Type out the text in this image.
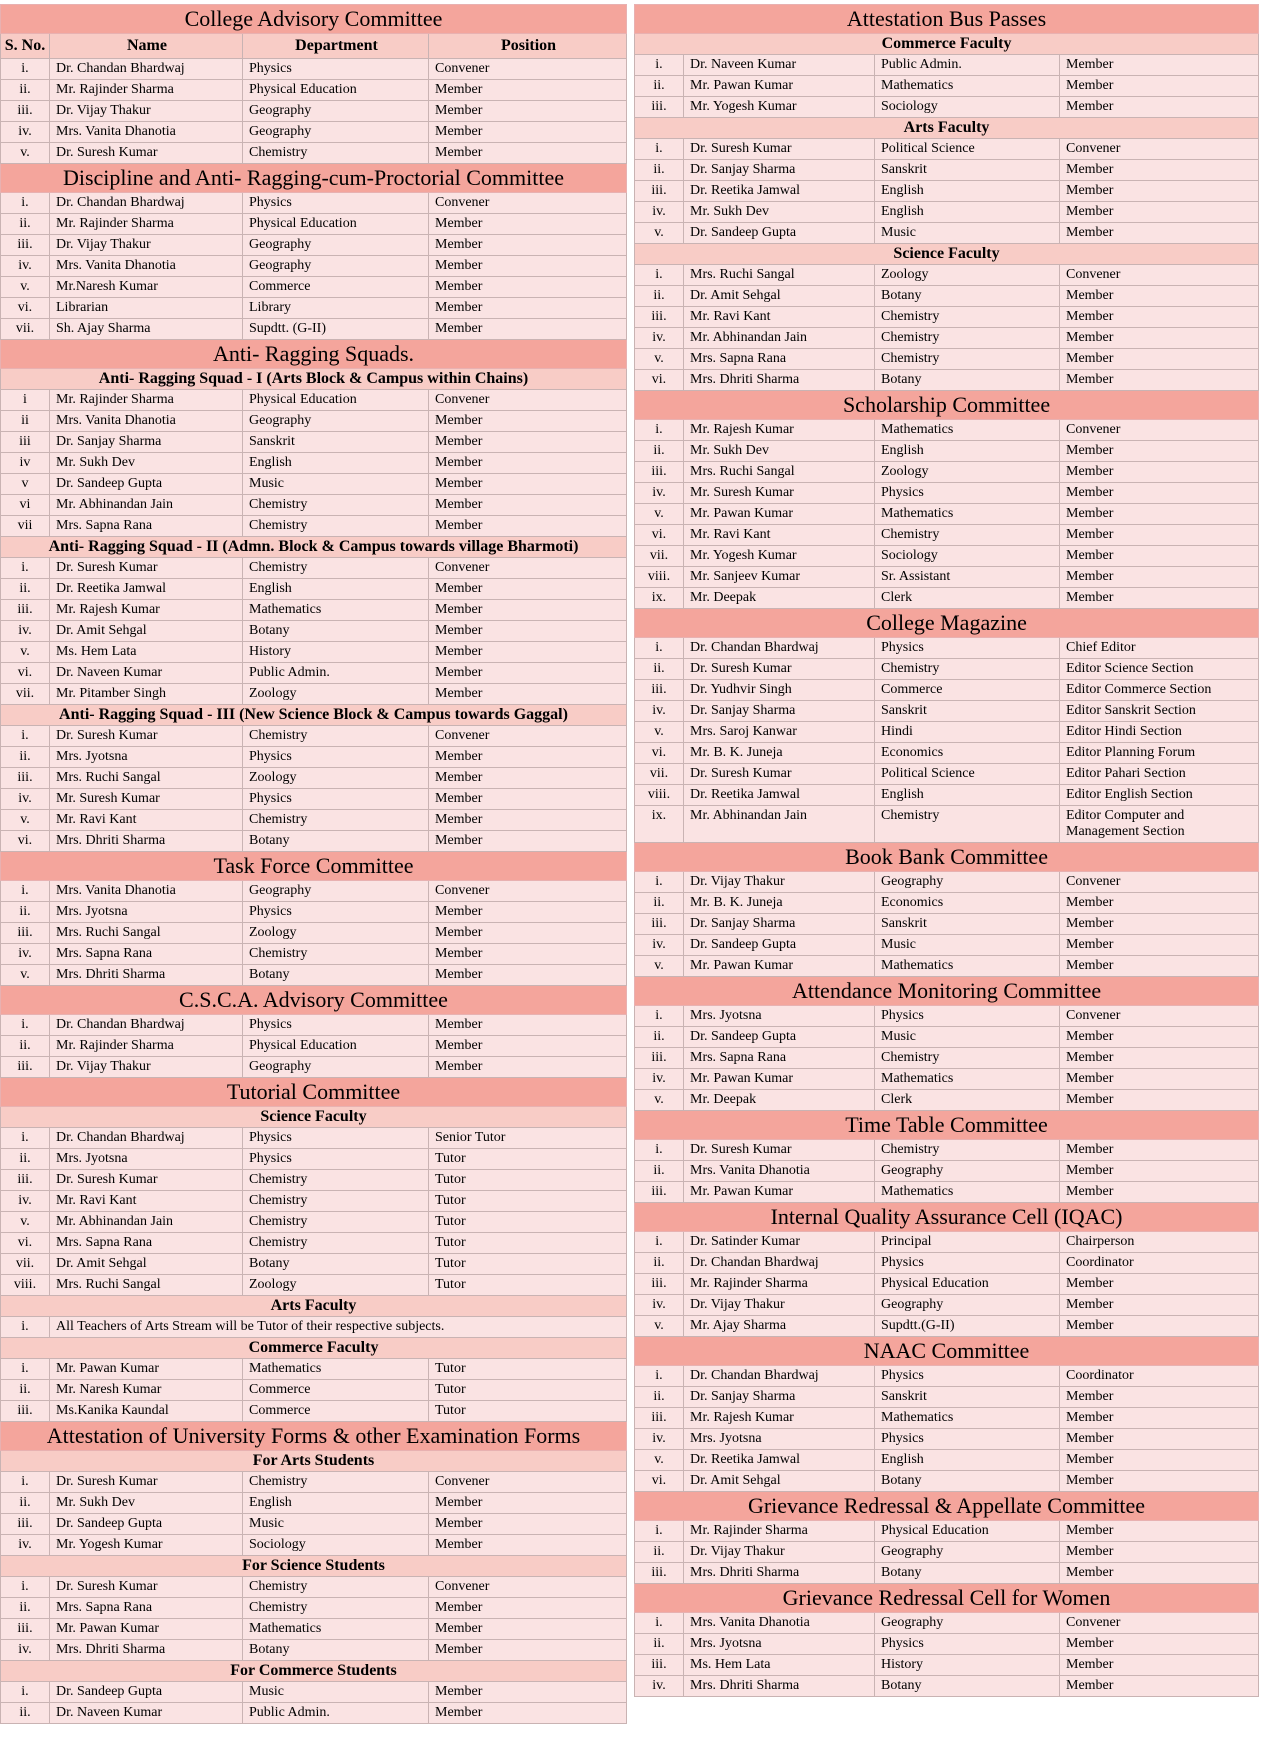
College Advisory Committee			
S. No.	Name	Department	Position
i.	Dr. Chandan Bhardwaj	Physics	Convener
ii.	Mr. Rajinder Sharma	Physical Education	Member
iii.	Dr. Vijay Thakur	Geography	Member
iv.	Mrs. Vanita Dhanotia	Geography	Member
v.	Dr. Suresh Kumar	Chemistry	Member
Discipline and Anti- Ragging-cum-Proctorial Committee			
i.	Dr. Chandan Bhardwaj	Physics	Convener
ii.	Mr. Rajinder Sharma	Physical Education	Member
iii.	Dr. Vijay Thakur	Geography	Member
iv.	Mrs. Vanita Dhanotia	Geography	Member
v.	Mr.Naresh Kumar	Commerce	Member
vi.	Librarian	Library	Member
vii.	Sh. Ajay Sharma	Supdtt. (G-II)	Member
Anti- Ragging Squads.			
Anti- Ragging Squad - I (Arts Block & Campus within Chains)			
i	Mr. Rajinder Sharma	Physical Education	Convener
ii	Mrs. Vanita Dhanotia	Geography	Member
iii	Dr. Sanjay Sharma	Sanskrit	Member
iv	Mr. Sukh Dev	English	Member
v	Dr. Sandeep Gupta	Music	Member
vi	Mr. Abhinandan Jain	Chemistry	Member
vii	Mrs. Sapna Rana	Chemistry	Member
Anti- Ragging Squad - II (Admn. Block & Campus towards village Bharmoti)			
i.	Dr. Suresh Kumar	Chemistry	Convener
ii.	Dr. Reetika Jamwal	English	Member
iii.	Mr. Rajesh Kumar	Mathematics	Member
iv.	Dr. Amit Sehgal	Botany	Member
v.	Ms. Hem Lata	History	Member
vi.	Dr. Naveen Kumar	Public Admin.	Member
vii.	Mr. Pitamber Singh	Zoology	Member
Anti- Ragging Squad - III (New Science Block & Campus towards Gaggal)			
i.	Dr. Suresh Kumar	Chemistry	Convener
ii.	Mrs. Jyotsna	Physics	Member
iii.	Mrs. Ruchi Sangal	Zoology	Member
iv.	Mr. Suresh Kumar	Physics	Member
v.	Mr. Ravi Kant	Chemistry	Member
vi.	Mrs. Dhriti Sharma	Botany	Member
Task Force Committee			
i.	Mrs. Vanita Dhanotia	Geography	Convener
ii.	Mrs. Jyotsna	Physics	Member
iii.	Mrs. Ruchi Sangal	Zoology	Member
iv.	Mrs. Sapna Rana	Chemistry	Member
v.	Mrs. Dhriti Sharma	Botany	Member
C.S.C.A. Advisory Committee			
i.	Dr. Chandan Bhardwaj	Physics	Member
ii.	Mr. Rajinder Sharma	Physical Education	Member
iii.	Dr. Vijay Thakur	Geography	Member
Tutorial Committee			
Science Faculty			
i.	Dr. Chandan Bhardwaj	Physics	Senior Tutor
ii.	Mrs. Jyotsna	Physics	Tutor
iii.	Dr. Suresh Kumar	Chemistry	Tutor
iv.	Mr. Ravi Kant	Chemistry	Tutor
v.	Mr. Abhinandan Jain	Chemistry	Tutor
vi.	Mrs. Sapna Rana	Chemistry	Tutor
vii.	Dr. Amit Sehgal	Botany	Tutor
viii.	Mrs. Ruchi Sangal	Zoology	Tutor
Arts Faculty			
i.	All Teachers of Arts Stream will be Tutor of their respective subjects.		
Commerce Faculty			
i.	Mr. Pawan Kumar	Mathematics	Tutor
ii.	Mr. Naresh Kumar	Commerce	Tutor
iii.	Ms.Kanika Kaundal	Commerce	Tutor
Attestation of University Forms & other Examination Forms			
For Arts Students			
i.	Dr. Suresh Kumar	Chemistry	Convener
ii.	Mr. Sukh Dev	English	Member
iii.	Dr. Sandeep Gupta	Music	Member
iv.	Mr. Yogesh Kumar	Sociology	Member
For Science Students			
i.	Dr. Suresh Kumar	Chemistry	Convener
ii.	Mrs. Sapna Rana	Chemistry	Member
iii.	Mr. Pawan Kumar	Mathematics	Member
iv.	Mrs. Dhriti Sharma	Botany	Member
For Commerce Students			
i.	Dr. Sandeep Gupta	Music	Member
ii.	Dr. Naveen Kumar	Public Admin.	Member
Attestation Bus Passes			
Commerce Faculty			
i.	Dr. Naveen Kumar	Public Admin.	Member
ii.	Mr. Pawan Kumar	Mathematics	Member
iii.	Mr. Yogesh Kumar	Sociology	Member
Arts Faculty			
i.	Dr. Suresh Kumar	Political Science	Convener
ii.	Dr. Sanjay Sharma	Sanskrit	Member
iii.	Dr. Reetika Jamwal	English	Member
iv.	Mr. Sukh Dev	English	Member
v.	Dr. Sandeep Gupta	Music	Member
Science Faculty			
i.	Mrs. Ruchi Sangal	Zoology	Convener
ii.	Dr. Amit Sehgal	Botany	Member
iii.	Mr. Ravi Kant	Chemistry	Member
iv.	Mr. Abhinandan Jain	Chemistry	Member
v.	Mrs. Sapna Rana	Chemistry	Member
vi.	Mrs. Dhriti Sharma	Botany	Member
Scholarship Committee			
i.	Mr. Rajesh Kumar	Mathematics	Convener
ii.	Mr. Sukh Dev	English	Member
iii.	Mrs. Ruchi Sangal	Zoology	Member
iv.	Mr. Suresh Kumar	Physics	Member
v.	Mr. Pawan Kumar	Mathematics	Member
vi.	Mr. Ravi Kant	Chemistry	Member
vii.	Mr. Yogesh Kumar	Sociology	Member
viii.	Mr. Sanjeev Kumar	Sr. Assistant	Member
ix.	Mr. Deepak	Clerk	Member
College Magazine			
i.	Dr. Chandan Bhardwaj	Physics	Chief Editor
ii.	Dr. Suresh Kumar	Chemistry	Editor Science Section
iii.	Dr. Yudhvir Singh	Commerce	Editor Commerce Section
iv.	Dr. Sanjay Sharma	Sanskrit	Editor Sanskrit Section
v.	Mrs. Saroj Kanwar	Hindi	Editor Hindi Section
vi.	Mr. B. K. Juneja	Economics	Editor Planning Forum
vii.	Dr. Suresh Kumar	Political Science	Editor Pahari Section
viii.	Dr. Reetika Jamwal	English	Editor English Section
ix.	Mr. Abhinandan Jain	Chemistry	Editor Computer and Management Section
Book Bank Committee			
i.	Dr. Vijay Thakur	Geography	Convener
ii.	Mr. B. K. Juneja	Economics	Member
iii.	Dr. Sanjay Sharma	Sanskrit	Member
iv.	Dr. Sandeep Gupta	Music	Member
v.	Mr. Pawan Kumar	Mathematics	Member
Attendance Monitoring Committee			
i.	Mrs. Jyotsna	Physics	Convener
ii.	Dr. Sandeep Gupta	Music	Member
iii.	Mrs. Sapna Rana	Chemistry	Member
iv.	Mr. Pawan Kumar	Mathematics	Member
v.	Mr. Deepak	Clerk	Member
Time Table Committee			
i.	Dr. Suresh Kumar	Chemistry	Member
ii.	Mrs. Vanita Dhanotia	Geography	Member
iii.	Mr. Pawan Kumar	Mathematics	Member
Internal Quality Assurance Cell (IQAC)			
i.	Dr. Satinder Kumar	Principal	Chairperson
ii.	Dr. Chandan Bhardwaj	Physics	Coordinator
iii.	Mr. Rajinder Sharma	Physical Education	Member
iv.	Dr. Vijay Thakur	Geography	Member
v.	Mr. Ajay Sharma	Supdtt.(G-II)	Member
NAAC Committee			
i.	Dr. Chandan Bhardwaj	Physics	Coordinator
ii.	Dr. Sanjay Sharma	Sanskrit	Member
iii.	Mr. Rajesh Kumar	Mathematics	Member
iv.	Mrs. Jyotsna	Physics	Member
v.	Dr. Reetika Jamwal	English	Member
vi.	Dr. Amit Sehgal	Botany	Member
Grievance Redressal & Appellate Committee			
i.	Mr. Rajinder Sharma	Physical Education	Member
ii.	Dr. Vijay Thakur	Geography	Member
iii.	Mrs. Dhriti Sharma	Botany	Member
Grievance Redressal Cell for Women			
i.	Mrs. Vanita Dhanotia	Geography	Convener
ii.	Mrs. Jyotsna	Physics	Member
iii.	Ms. Hem Lata	History	Member
iv.	Mrs. Dhriti Sharma	Botany	Member
